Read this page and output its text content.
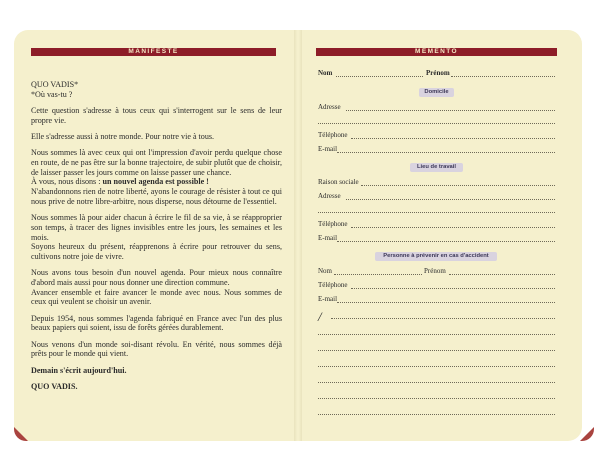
MANIFESTE	MÉMENTO

QUO VADIS*

*Où vas-tu ?

Cette question s'adresse à tous ceux qui s'interrogent sur le sens de leur propre vie.

Elle s'adresse aussi à notre monde. Pour notre vie à tous.

Nous sommes là avec ceux qui ont l'impression d'avoir perdu quelque chose en route, de ne pas être sur la bonne trajectoire, de subir plutôt que de choisir, de laisser passer les jours comme on laisse passer une chance.

À vous, nous disons : un nouvel agenda est possible !

N'abandonnons rien de notre liberté, ayons le courage de résister à tout ce qui nous prive de notre libre-arbitre, nous disperse, nous détourne de l'essentiel.

Nous sommes là pour aider chacun à écrire le fil de sa vie, à se réapproprier son temps, à tracer des lignes invisibles entre les jours, les semaines et les mois.

Soyons heureux du présent, réapprenons à écrire pour retrouver du sens, cultivons notre joie de vivre.

Nous avons tous besoin d'un nouvel agenda. Pour mieux nous connaître d'abord mais aussi pour nous donner une direction commune.

Avancer ensemble et faire avancer le monde avec nous. Nous sommes de ceux qui veulent se choisir un avenir.

Depuis 1954, nous sommes l'agenda fabriqué en France avec l'un des plus beaux papiers qui soient, issu de forêts gérées durablement.

Nous venons d'un monde soi-disant révolu. En vérité, nous sommes déjà prêts pour le monde qui vient.

Demain s'écrit aujourd'hui.

QUO VADIS.

Nom	Prénom
Domicile
Adresse
Téléphone
E-mail
Lieu de travail
Raison sociale
Adresse
Téléphone
E-mail
Personne à prévenir en cas d'accident
Nom	Prénom
Téléphone
E-mail
/
